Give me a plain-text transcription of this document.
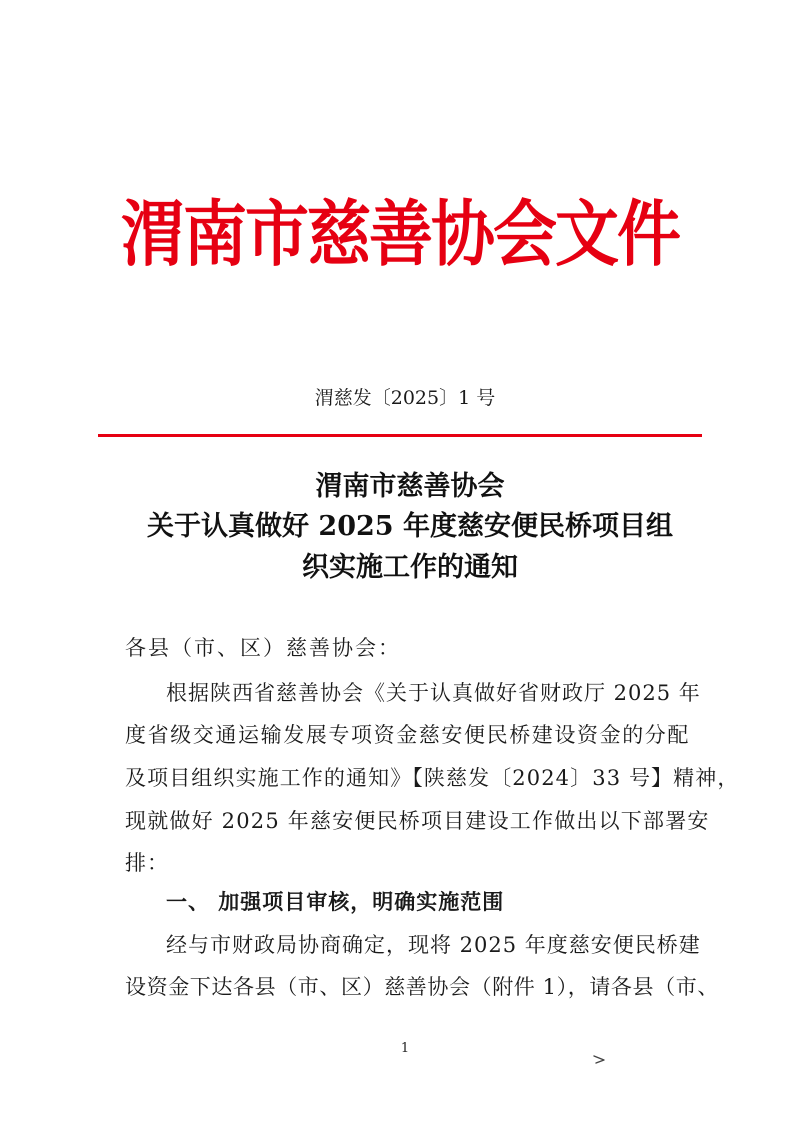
渭南市慈善协会文件
渭慈发〔2025〕1 号
渭南市慈善协会
关于认真做好 2025 年度慈安便民桥项目组
织实施工作的通知
各县（市、区）慈善协会：
根据陕西省慈善协会《关于认真做好省财政厅 2025 年
度省级交通运输发展专项资金慈安便民桥建设资金的分配
及项目组织实施工作的通知》【陕慈发〔2024〕33 号】精神，
现就做好 2025 年慈安便民桥项目建设工作做出以下部署安
排：
一、 加强项目审核，明确实施范围
经与市财政局协商确定，现将 2025 年度慈安便民桥建
设资金下达各县（市、区）慈善协会（附件 1），请各县（市、
1
